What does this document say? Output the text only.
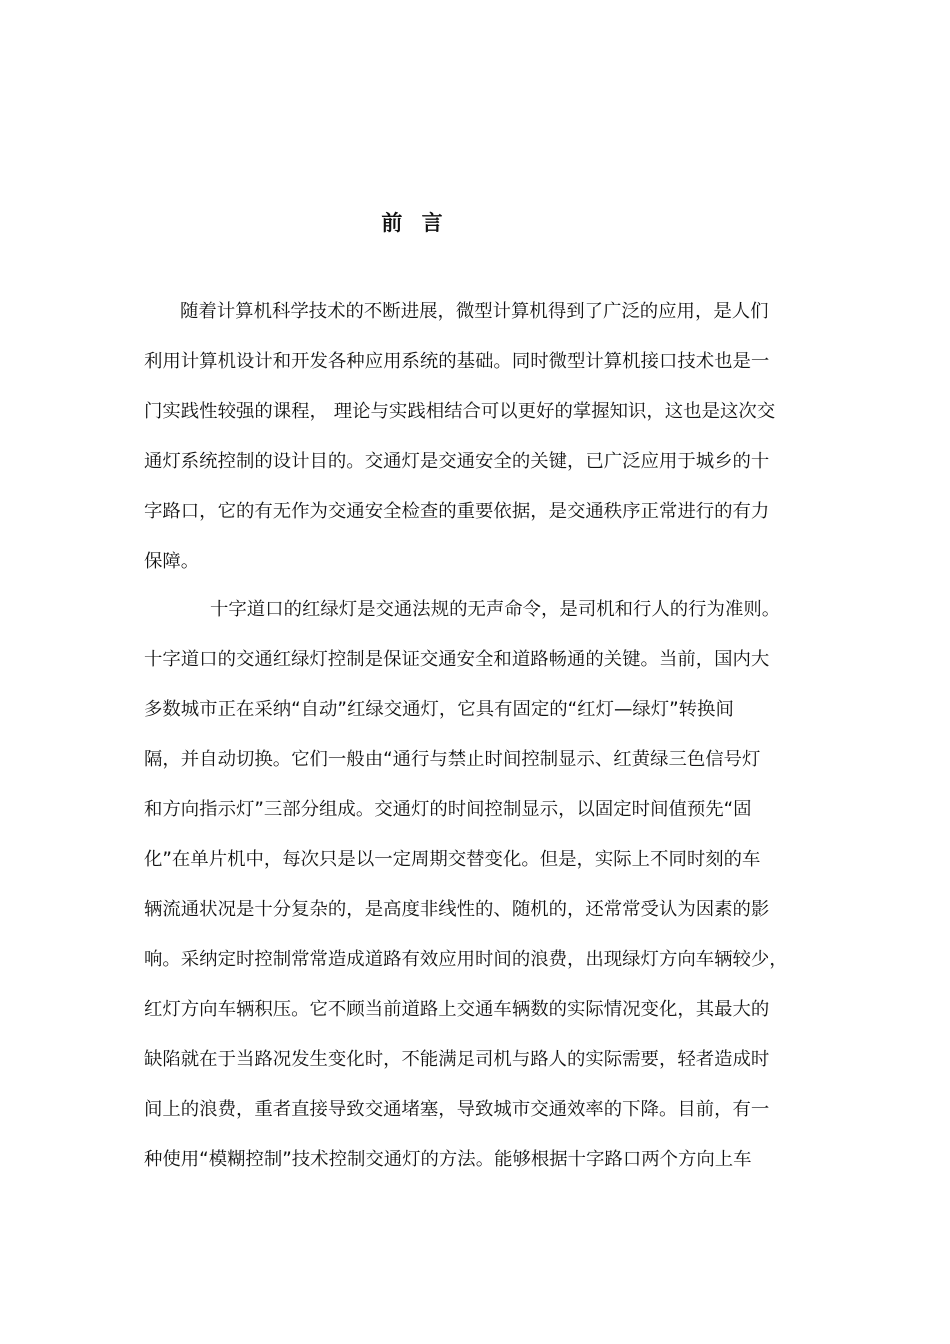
前 言
随着计算机科学技术的不断进展，微型计算机得到了广泛的应用，是人们
利用计算机设计和开发各种应用系统的基础。同时微型计算机接口技术也是一
门实践性较强的课程， 理论与实践相结合可以更好的掌握知识，这也是这次交
通灯系统控制的设计目的。交通灯是交通安全的关键，已广泛应用于城乡的十
字路口，它的有无作为交通安全检查的重要依据，是交通秩序正常进行的有力
保障。
十字道口的红绿灯是交通法规的无声命令，是司机和行人的行为准则。
十字道口的交通红绿灯控制是保证交通安全和道路畅通的关键。当前，国内大
多数城市正在采纳“自动”红绿交通灯，它具有固定的“红灯—绿灯”转换间
隔，并自动切换。它们一般由“通行与禁止时间控制显示、红黄绿三色信号灯
和方向指示灯”三部分组成。交通灯的时间控制显示，以固定时间值预先“固
化”在单片机中，每次只是以一定周期交替变化。但是，实际上不同时刻的车
辆流通状况是十分复杂的，是高度非线性的、随机的，还常常受认为因素的影
响。采纳定时控制常常造成道路有效应用时间的浪费，出现绿灯方向车辆较少，
红灯方向车辆积压。它不顾当前道路上交通车辆数的实际情况变化，其最大的
缺陷就在于当路况发生变化时，不能满足司机与路人的实际需要，轻者造成时
间上的浪费，重者直接导致交通堵塞，导致城市交通效率的下降。目前，有一
种使用“模糊控制”技术控制交通灯的方法。能够根据十字路口两个方向上车
